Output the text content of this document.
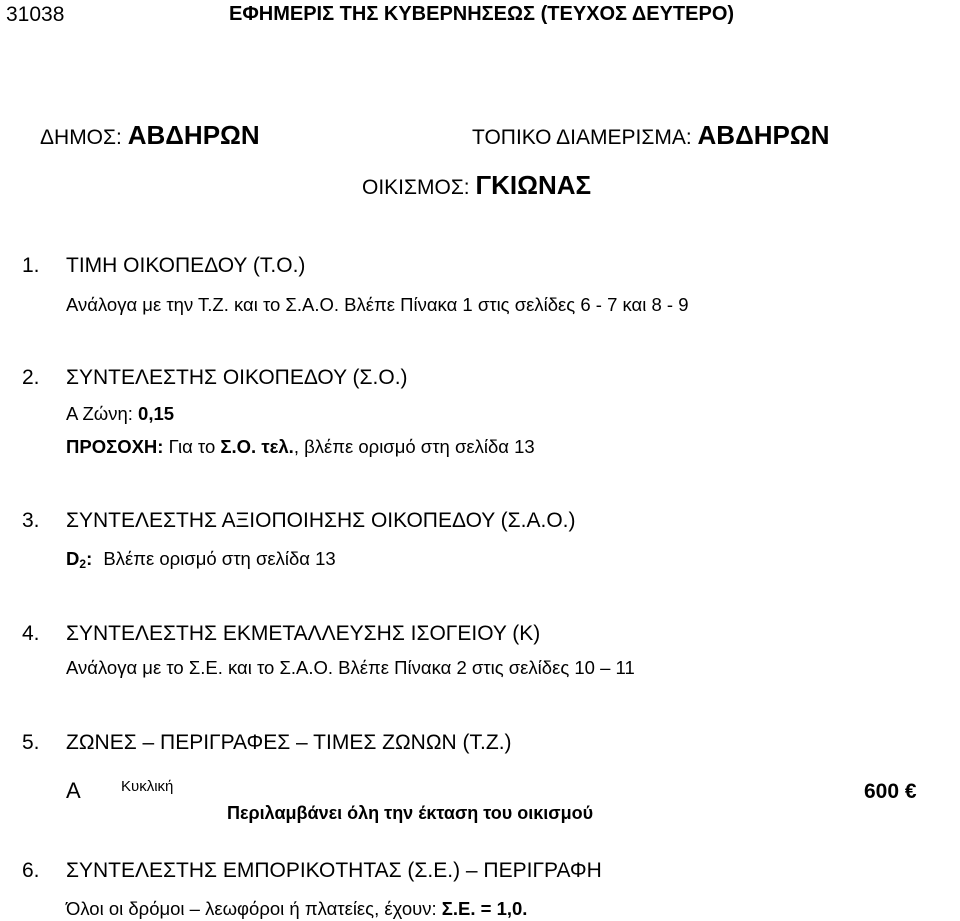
31038	ΕΦΗΜΕΡΙΣ ΤΗΣ ΚΥΒΕΡΝΗΣΕΩΣ (ΤΕΥΧΟΣ ΔΕΥΤΕΡΟ)
ΔΗΜΟΣ: ΑΒΔΗΡΩΝ	ΤΟΠΙΚΟ ΔΙΑΜΕΡΙΣΜΑ: ΑΒΔΗΡΩΝ
ΟΙΚΙΣΜΟΣ: ΓΚΙΩΝΑΣ
1. ΤΙΜΗ ΟΙΚΟΠΕΔΟΥ (Τ.Ο.)
Ανάλογα με την Τ.Ζ. και το Σ.Α.Ο. Βλέπε Πίνακα 1 στις σελίδες 6 - 7 και 8 - 9
2. ΣΥΝΤΕΛΕΣΤΗΣ ΟΙΚΟΠΕΔΟΥ (Σ.Ο.)
Α Ζώνη: 0,15
ΠΡΟΣΟΧΗ: Για το Σ.Ο. τελ., βλέπε ορισμό στη σελίδα 13
3. ΣΥΝΤΕΛΕΣΤΗΣ ΑΞΙΟΠΟΙΗΣΗΣ ΟΙΚΟΠΕΔΟΥ (Σ.Α.Ο.)
$D_2$: Βλέπε ορισμό στη σελίδα 13
4. ΣΥΝΤΕΛΕΣΤΗΣ ΕΚΜΕΤΑΛΛΕΥΣΗΣ ΙΣΟΓΕΙΟΥ (Κ)
Ανάλογα με το Σ.Ε. και το Σ.Α.Ο. Βλέπε Πίνακα 2 στις σελίδες 10 – 11
5. ΖΩΝΕΣ – ΠΕΡΙΓΡΑΦΕΣ – ΤΙΜΕΣ ΖΩΝΩΝ (Τ.Ζ.)
Α	Κυκλική	600 €
Περιλαμβάνει όλη την έκταση του οικισμού
6. ΣΥΝΤΕΛΕΣΤΗΣ ΕΜΠΟΡΙΚΟΤΗΤΑΣ (Σ.Ε.) – ΠΕΡΙΓΡΑΦΗ
Όλοι οι δρόμοι – λεωφόροι ή πλατείες, έχουν: Σ.Ε. = 1,0.
